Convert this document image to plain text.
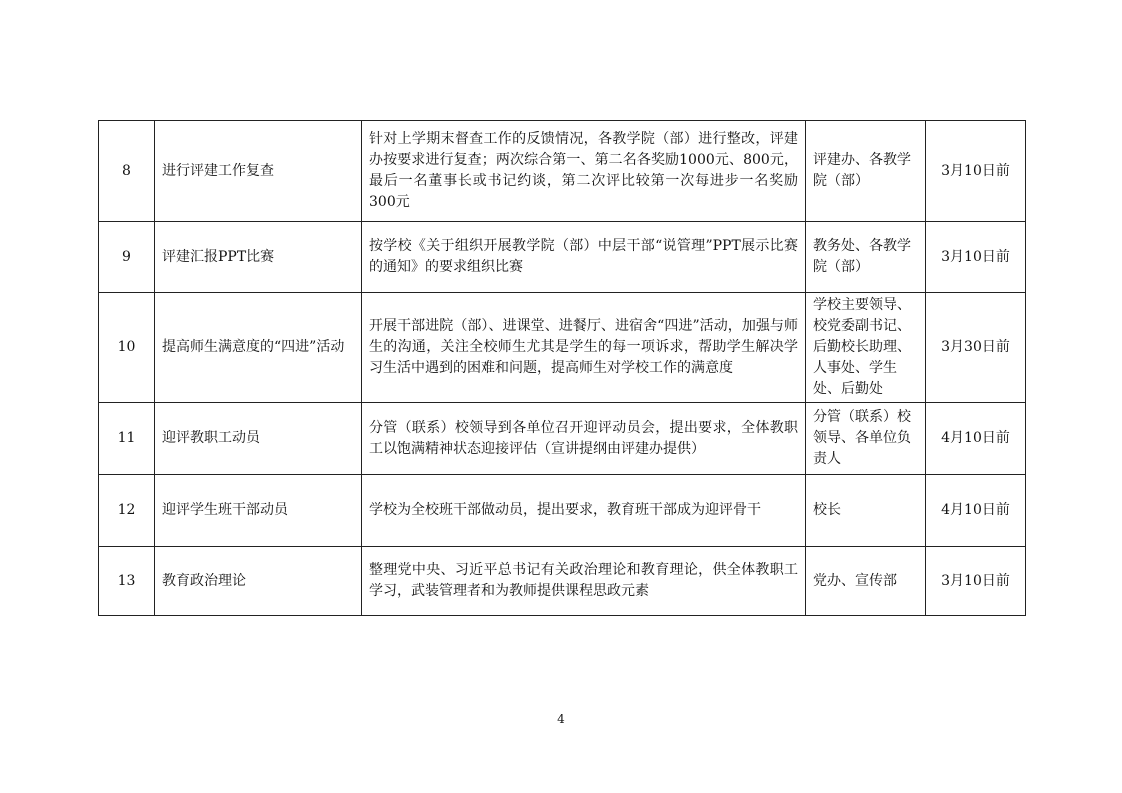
8	进行评建工作复查	针对上学期末督查工作的反馈情况，各教学院（部）进行整改，评建办按要求进行复查；两次综合第一、第二名各奖励1000元、800元，最后一名董事长或书记约谈，第二次评比较第一次每进步一名奖励300元	评建办、各教学院（部）	3月10日前
9	评建汇报PPT比赛	按学校《关于组织开展教学院（部）中层干部“说管理”PPT展示比赛的通知》的要求组织比赛	教务处、各教学院（部）	3月10日前
10	提高师生满意度的“四进”活动	开展干部进院（部）、进课堂、进餐厅、进宿舍“四进”活动，加强与师生的沟通，关注全校师生尤其是学生的每一项诉求，帮助学生解决学习生活中遇到的困难和问题，提高师生对学校工作的满意度	学校主要领导、校党委副书记、后勤校长助理、人事处、学生处、后勤处	3月30日前
11	迎评教职工动员	分管（联系）校领导到各单位召开迎评动员会，提出要求，全体教职工以饱满精神状态迎接评估（宣讲提纲由评建办提供）	分管（联系）校领导、各单位负责人	4月10日前
12	迎评学生班干部动员	学校为全校班干部做动员，提出要求，教育班干部成为迎评骨干	校长	4月10日前
13	教育政治理论	整理党中央、习近平总书记有关政治理论和教育理论，供全体教职工学习，武装管理者和为教师提供课程思政元素	党办、宣传部	3月10日前
4
